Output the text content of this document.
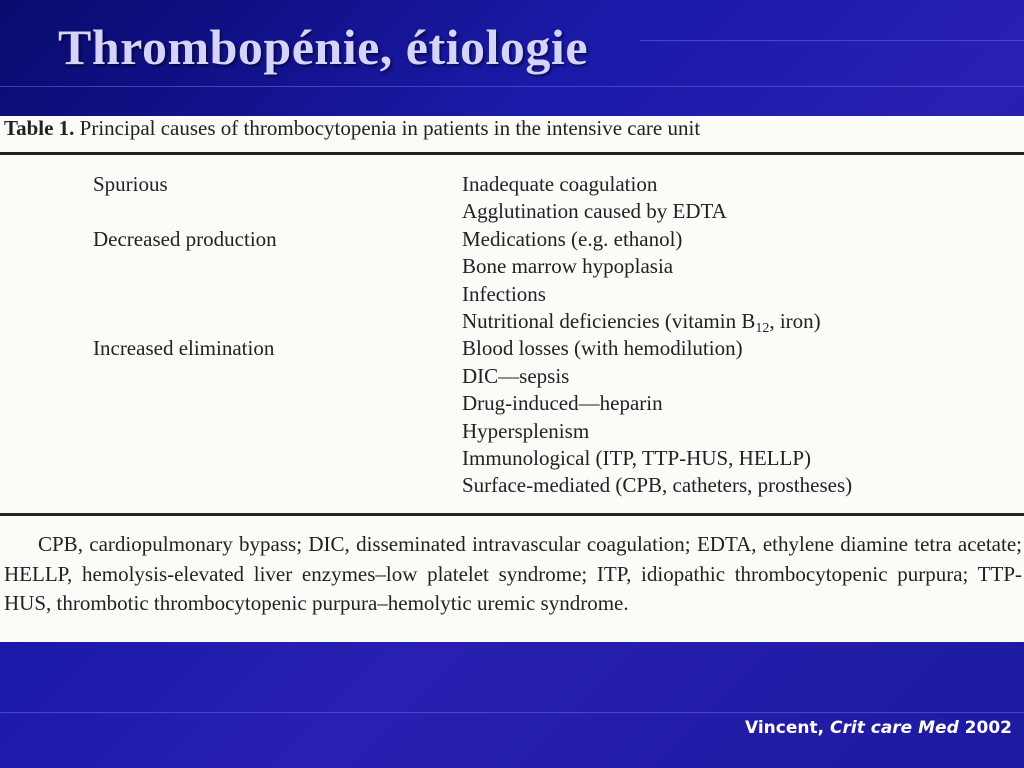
Thrombopénie, étiologie
Table 1. Principal causes of thrombocytopenia in patients in the intensive care unit
Spurious	Inadequate coagulation
Agglutination caused by EDTA
Decreased production	Medications (e.g. ethanol)
Bone marrow hypoplasia
Infections
Nutritional deficiencies (vitamin $B_{12}$, iron)
Increased elimination	Blood losses (with hemodilution)
DIC—sepsis
Drug-induced—heparin
Hypersplenism
Immunological (ITP, TTP-HUS, HELLP)
Surface-mediated (CPB, catheters, prostheses)

CPB, cardiopulmonary bypass; DIC, disseminated intravascular coagulation; EDTA, ethylene diamine tetra acetate; HELLP, hemolysis-elevated liver enzymes–low platelet syndrome; ITP, idiopathic thrombocytopenic purpura; TTP-HUS, thrombotic thrombocytopenic purpura–hemolytic uremic syndrome.

Vincent, Crit care Med 2002
